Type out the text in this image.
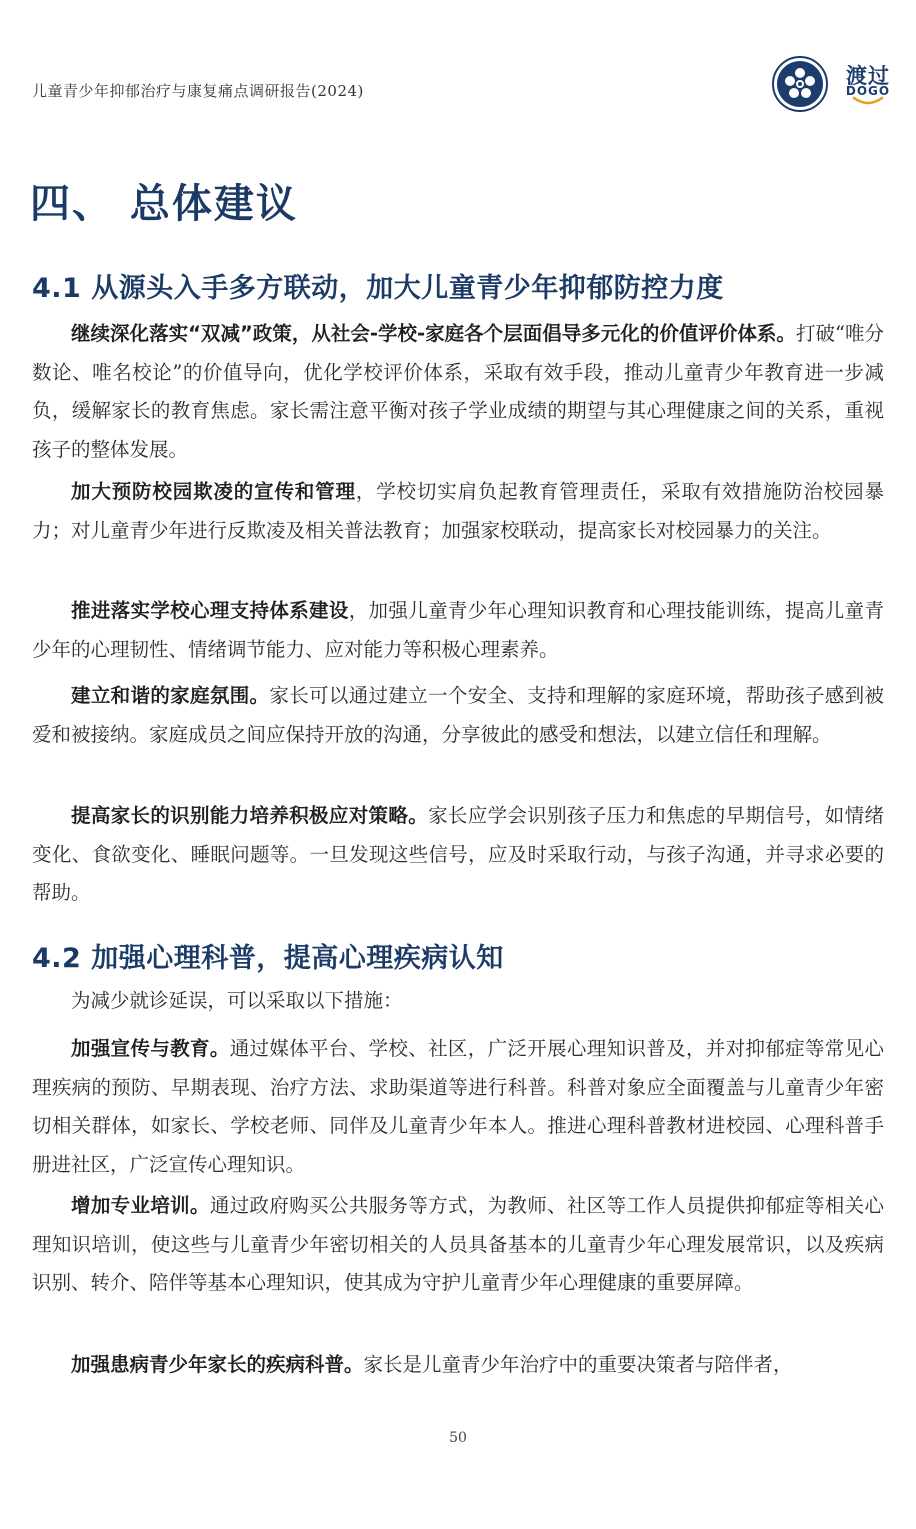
儿童青少年抑郁治疗与康复痛点调研报告(2024)
渡过
DOGO
四、 总体建议
4.1 从源头入手多方联动，加大儿童青少年抑郁防控力度

继续深化落实“双减”政策，从社会-学校-家庭各个层面倡导多元化的价值评价体系。打破“唯分数论、唯名校论”的价值导向，优化学校评价体系，采取有效手段，推动儿童青少年教育进一步减负，缓解家长的教育焦虑。家长需注意平衡对孩子学业成绩的期望与其心理健康之间的关系，重视孩子的整体发展。

加大预防校园欺凌的宣传和管理，学校切实肩负起教育管理责任，采取有效措施防治校园暴力；对儿童青少年进行反欺凌及相关普法教育；加强家校联动，提高家长对校园暴力的关注。

推进落实学校心理支持体系建设，加强儿童青少年心理知识教育和心理技能训练，提高儿童青少年的心理韧性、情绪调节能力、应对能力等积极心理素养。

建立和谐的家庭氛围。家长可以通过建立一个安全、支持和理解的家庭环境，帮助孩子感到被爱和被接纳。家庭成员之间应保持开放的沟通，分享彼此的感受和想法，以建立信任和理解。

提高家长的识别能力培养积极应对策略。家长应学会识别孩子压力和焦虑的早期信号，如情绪变化、食欲变化、睡眠问题等。一旦发现这些信号，应及时采取行动，与孩子沟通，并寻求必要的帮助。

4.2 加强心理科普，提高心理疾病认知

为减少就诊延误，可以采取以下措施：

加强宣传与教育。通过媒体平台、学校、社区，广泛开展心理知识普及，并对抑郁症等常见心理疾病的预防、早期表现、治疗方法、求助渠道等进行科普。科普对象应全面覆盖与儿童青少年密切相关群体，如家长、学校老师、同伴及儿童青少年本人。推进心理科普教材进校园、心理科普手册进社区，广泛宣传心理知识。

增加专业培训。通过政府购买公共服务等方式，为教师、社区等工作人员提供抑郁症等相关心理知识培训，使这些与儿童青少年密切相关的人员具备基本的儿童青少年心理发展常识，以及疾病识别、转介、陪伴等基本心理知识，使其成为守护儿童青少年心理健康的重要屏障。

加强患病青少年家长的疾病科普。家长是儿童青少年治疗中的重要决策者与陪伴者，

50
